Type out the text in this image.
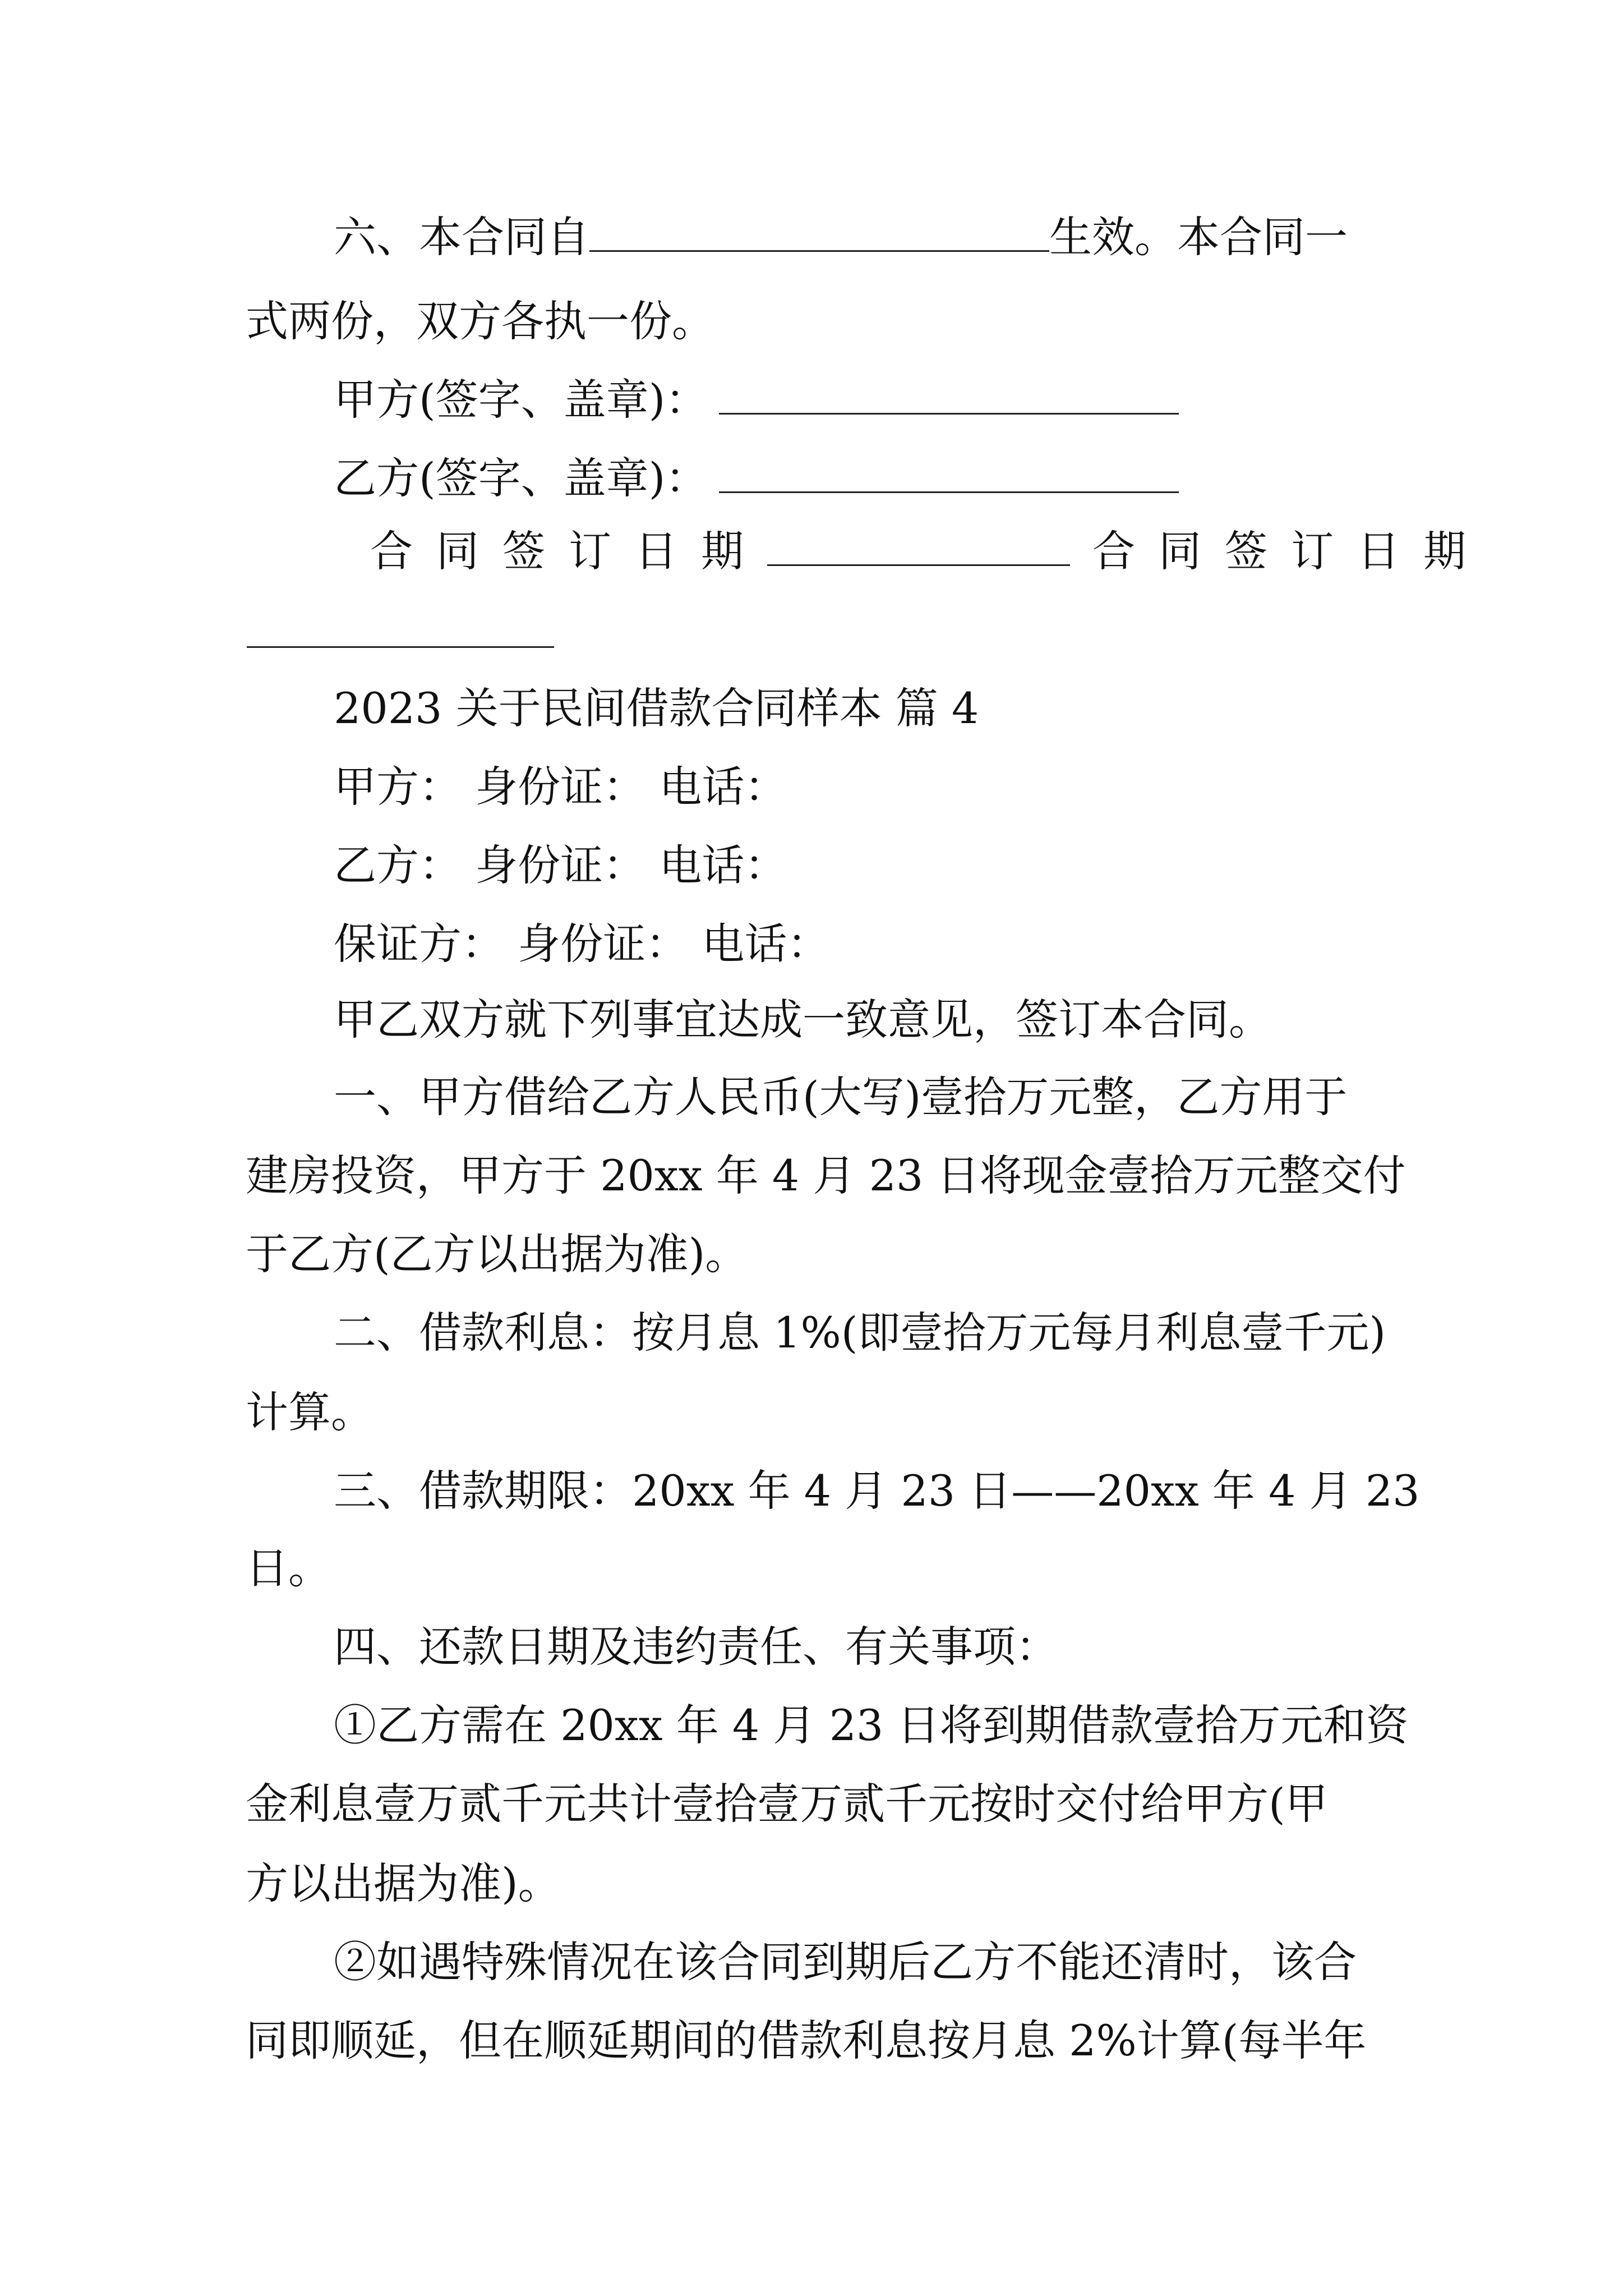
六、本合同自	生效。本合同一

式两份，双方各执一份。

甲方(签字、盖章)：

乙方(签字、盖章)：

合同签订日期	合同签订日期

2023 关于民间借款合同样本 篇 4

甲方： 身份证： 电话：

乙方： 身份证： 电话：

保证方： 身份证： 电话：

甲乙双方就下列事宜达成一致意见，签订本合同。

一、甲方借给乙方人民币(大写)壹拾万元整，乙方用于

建房投资，甲方于 20xx 年 4 月 23 日将现金壹拾万元整交付

于乙方(乙方以出据为准)。

二、借款利息：按月息 1%(即壹拾万元每月利息壹千元)

计算。

三、借款期限：20xx 年 4 月 23 日——20xx 年 4 月 23

日。

四、还款日期及违约责任、有关事项：

①乙方需在 20xx 年 4 月 23 日将到期借款壹拾万元和资

金利息壹万贰千元共计壹拾壹万贰千元按时交付给甲方(甲

方以出据为准)。

②如遇特殊情况在该合同到期后乙方不能还清时，该合

同即顺延，但在顺延期间的借款利息按月息 2%计算(每半年
